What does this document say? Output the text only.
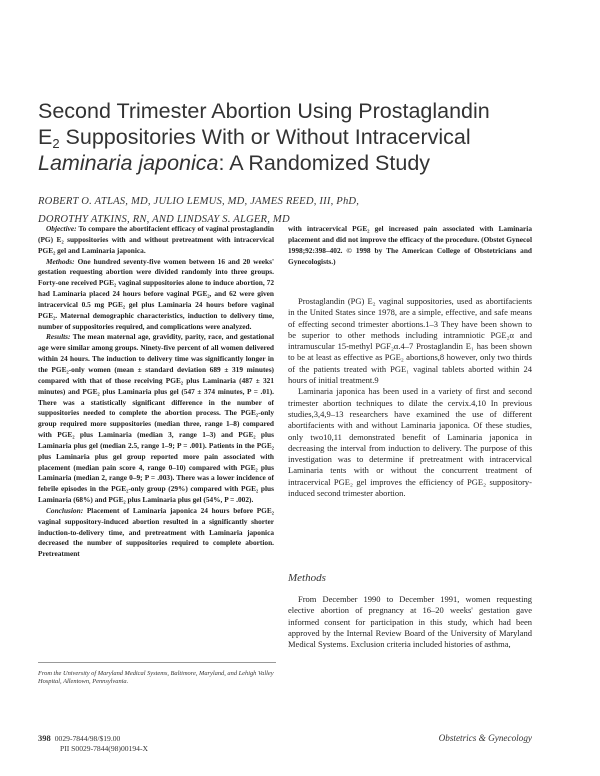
Second Trimester Abortion Using Prostaglandin
$E_2$ Suppositories With or Without Intracervical
Laminaria japonica: A Randomized Study
ROBERT O. ATLAS, MD, JULIO LEMUS, MD, JAMES REED, III, PhD,
DOROTHY ATKINS, RN, AND LINDSAY S. ALGER, MD

Objective: To compare the abortifacient efficacy of vaginal prostaglandin (PG) E₂ suppositories with and without pretreatment with intracervical PGE₂ gel and Laminaria japonica.

Methods: One hundred seventy-five women between 16 and 20 weeks' gestation requesting abortion were divided randomly into three groups. Forty-one received PGE₂ vaginal suppositories alone to induce abortion, 72 had Laminaria placed 24 hours before vaginal PGE₂, and 62 were given intracervical 0.5 mg PGE₂ gel plus Laminaria 24 hours before vaginal PGE₂. Maternal demographic characteristics, induction to delivery time, number of suppositories required, and complications were analyzed.

Results: The mean maternal age, gravidity, parity, race, and gestational age were similar among groups. Ninety-five percent of all women delivered within 24 hours. The induction to delivery time was significantly longer in the PGE₂-only women (mean ± standard deviation 689 ± 319 minutes) compared with that of those receiving PGE₂ plus Laminaria (487 ± 321 minutes) and PGE₂ plus Laminaria plus gel (547 ± 374 minutes, P = .01). There was a statistically significant difference in the number of suppositories needed to complete the abortion process. The PGE₂-only group required more suppositories (median three, range 1–8) compared with PGE₂ plus Laminaria (median 3, range 1–3) and PGE₂ plus Laminaria plus gel (median 2.5, range 1–9; P = .001). Patients in the PGE₂ plus Laminaria plus gel group reported more pain associated with placement (median pain score 4, range 0–10) compared with PGE₂ plus Laminaria (median 2, range 0–9; P = .003). There was a lower incidence of febrile episodes in the PGE₂-only group (29%) compared with PGE₂ plus Laminaria (68%) and PGE₂ plus Laminaria plus gel (54%, P = .002).

Conclusion: Placement of Laminaria japonica 24 hours before PGE₂ vaginal suppository-induced abortion resulted in a significantly shorter induction-to-delivery time, and pretreatment with Laminaria japonica decreased the number of suppositories required to complete abortion. Pretreatment

with intracervical PGE₂ gel increased pain associated with Laminaria placement and did not improve the efficacy of the procedure. (Obstet Gynecol 1998;92:398–402. © 1998 by The American College of Obstetricians and Gynecologists.)

Prostaglandin (PG) E₂ vaginal suppositories, used as abortifacients in the United States since 1978, are a simple, effective, and safe means of effecting second trimester abortions.1–3 They have been shown to be superior to other methods including intramniotic PGE₂α and intramuscular 15-methyl PGF₂α.4–7 Prostaglandin E₁ has been shown to be at least as effective as PGE₂ abortions,8 however, only two thirds of the patients treated with PGE₁ vaginal tablets aborted within 24 hours of initial treatment.9

Laminaria japonica has been used in a variety of first and second trimester abortion techniques to dilate the cervix.4,10 In previous studies,3,4,9–13 researchers have examined the use of different abortifacients with and without Laminaria japonica. Of these studies, only two10,11 demonstrated benefit of Laminaria japonica in decreasing the interval from induction to delivery. The purpose of this investigation was to determine if pretreatment with intracervical Laminaria tents with or without the concurrent treatment of intracervical PGE₂ gel improves the efficiency of PGE₂ suppository-induced second trimester abortion.

Methods

From December 1990 to December 1991, women requesting elective abortion of pregnancy at 16–20 weeks' gestation gave informed consent for participation in this study, which had been approved by the Internal Review Board of the University of Maryland Medical Systems. Exclusion criteria included histories of asthma,

From the University of Maryland Medical Systems, Baltimore, Maryland, and Lehigh Valley Hospital, Allentown, Pennsylvania.
398 0029-7844/98/$19.00
PII S0029-7844(98)00194-X
Obstetrics & Gynecology
